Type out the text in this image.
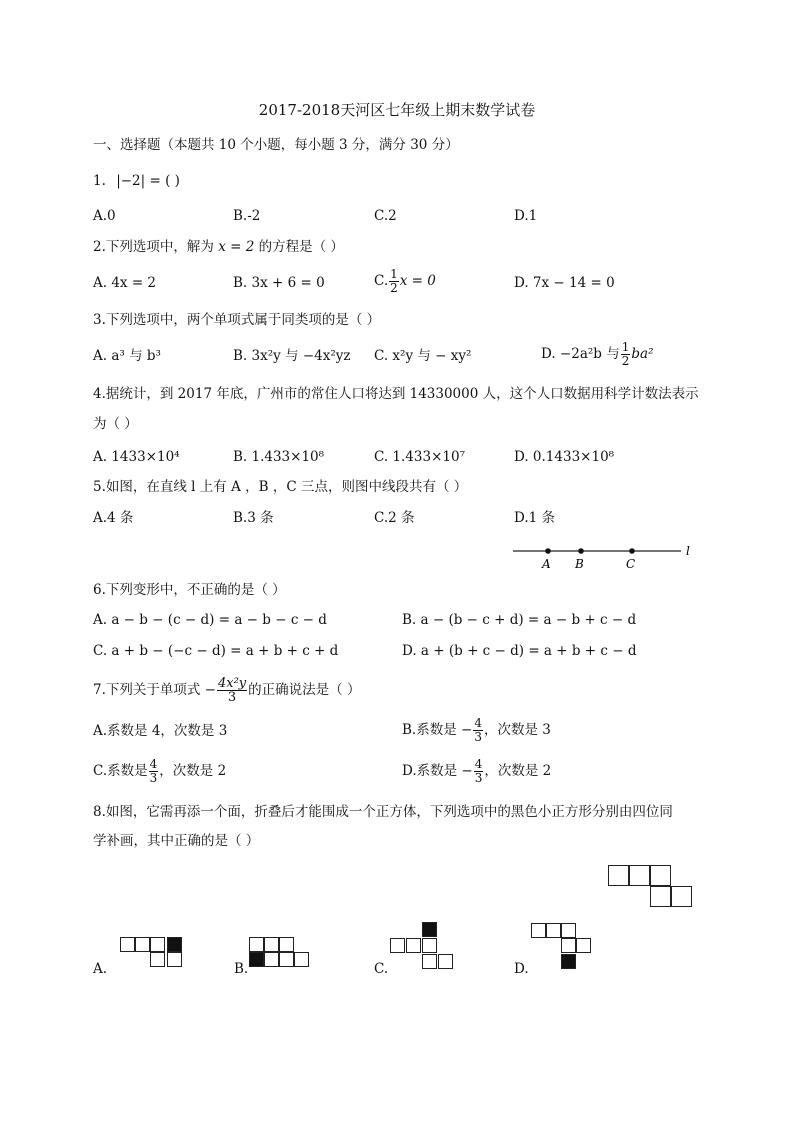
2017-2018天河区七年级上期末数学试卷
一、选择题（本题共 10 个小题，每小题 3 分，满分 30 分）
1. |−2| = ( )
A.0	B.-2	C.2	D.1
2.下列选项中，解为 x = 2 的方程是（ ）
A. 4x = 2	B. 3x + 6 = 0	C. $\frac{1}{2}$ x = 0	D. 7x − 14 = 0
3.下列选项中，两个单项式属于同类项的是（ ）
A. a³ 与 b³	B. 3x²y 与 −4x²yz C. x²y 与 − xy²	D. −2a²b 与 $\frac{1}{2} ba^2$
4.据统计，到 2017 年底，广州市的常住人口将达到 14330000 人，这个人口数据用科学计数法表示
为（ ）
A. 1433×10⁴	B. 1.433×10⁸	C. 1.433×10⁷	D. 0.1433×10⁸
5.如图，在直线 l 上有 A ，B ，C 三点，则图中线段共有（ ）
A.4 条	B.3 条	C.2 条	D.1 条
l
A B	C
6.下列变形中，不正确的是（ ）
A. a − b − (c − d) = a − b − c − d	B. a − (b − c + d) = a − b + c − d
C. a + b − (−c − d) = a + b + c + d	D. a + (b + c − d) = a + b + c − d
7.下列关于单项式 − $\frac{\text{4x²y}}{3}$ 的正确说法是（ ）
A.系数是 4，次数是 3	B.系数是 − $\frac{4}{3}$ ，次数是 3
C.系数是 $\frac{4}{3}$ ，次数是 2	D.系数是 − $\frac{4}{3}$ ，次数是 2
8.如图，它需再添一个面，折叠后才能围成一个正方体，下列选项中的黑色小正方形分别由四位同
学补画，其中正确的是（ ）
A.	B.	C.	D.
